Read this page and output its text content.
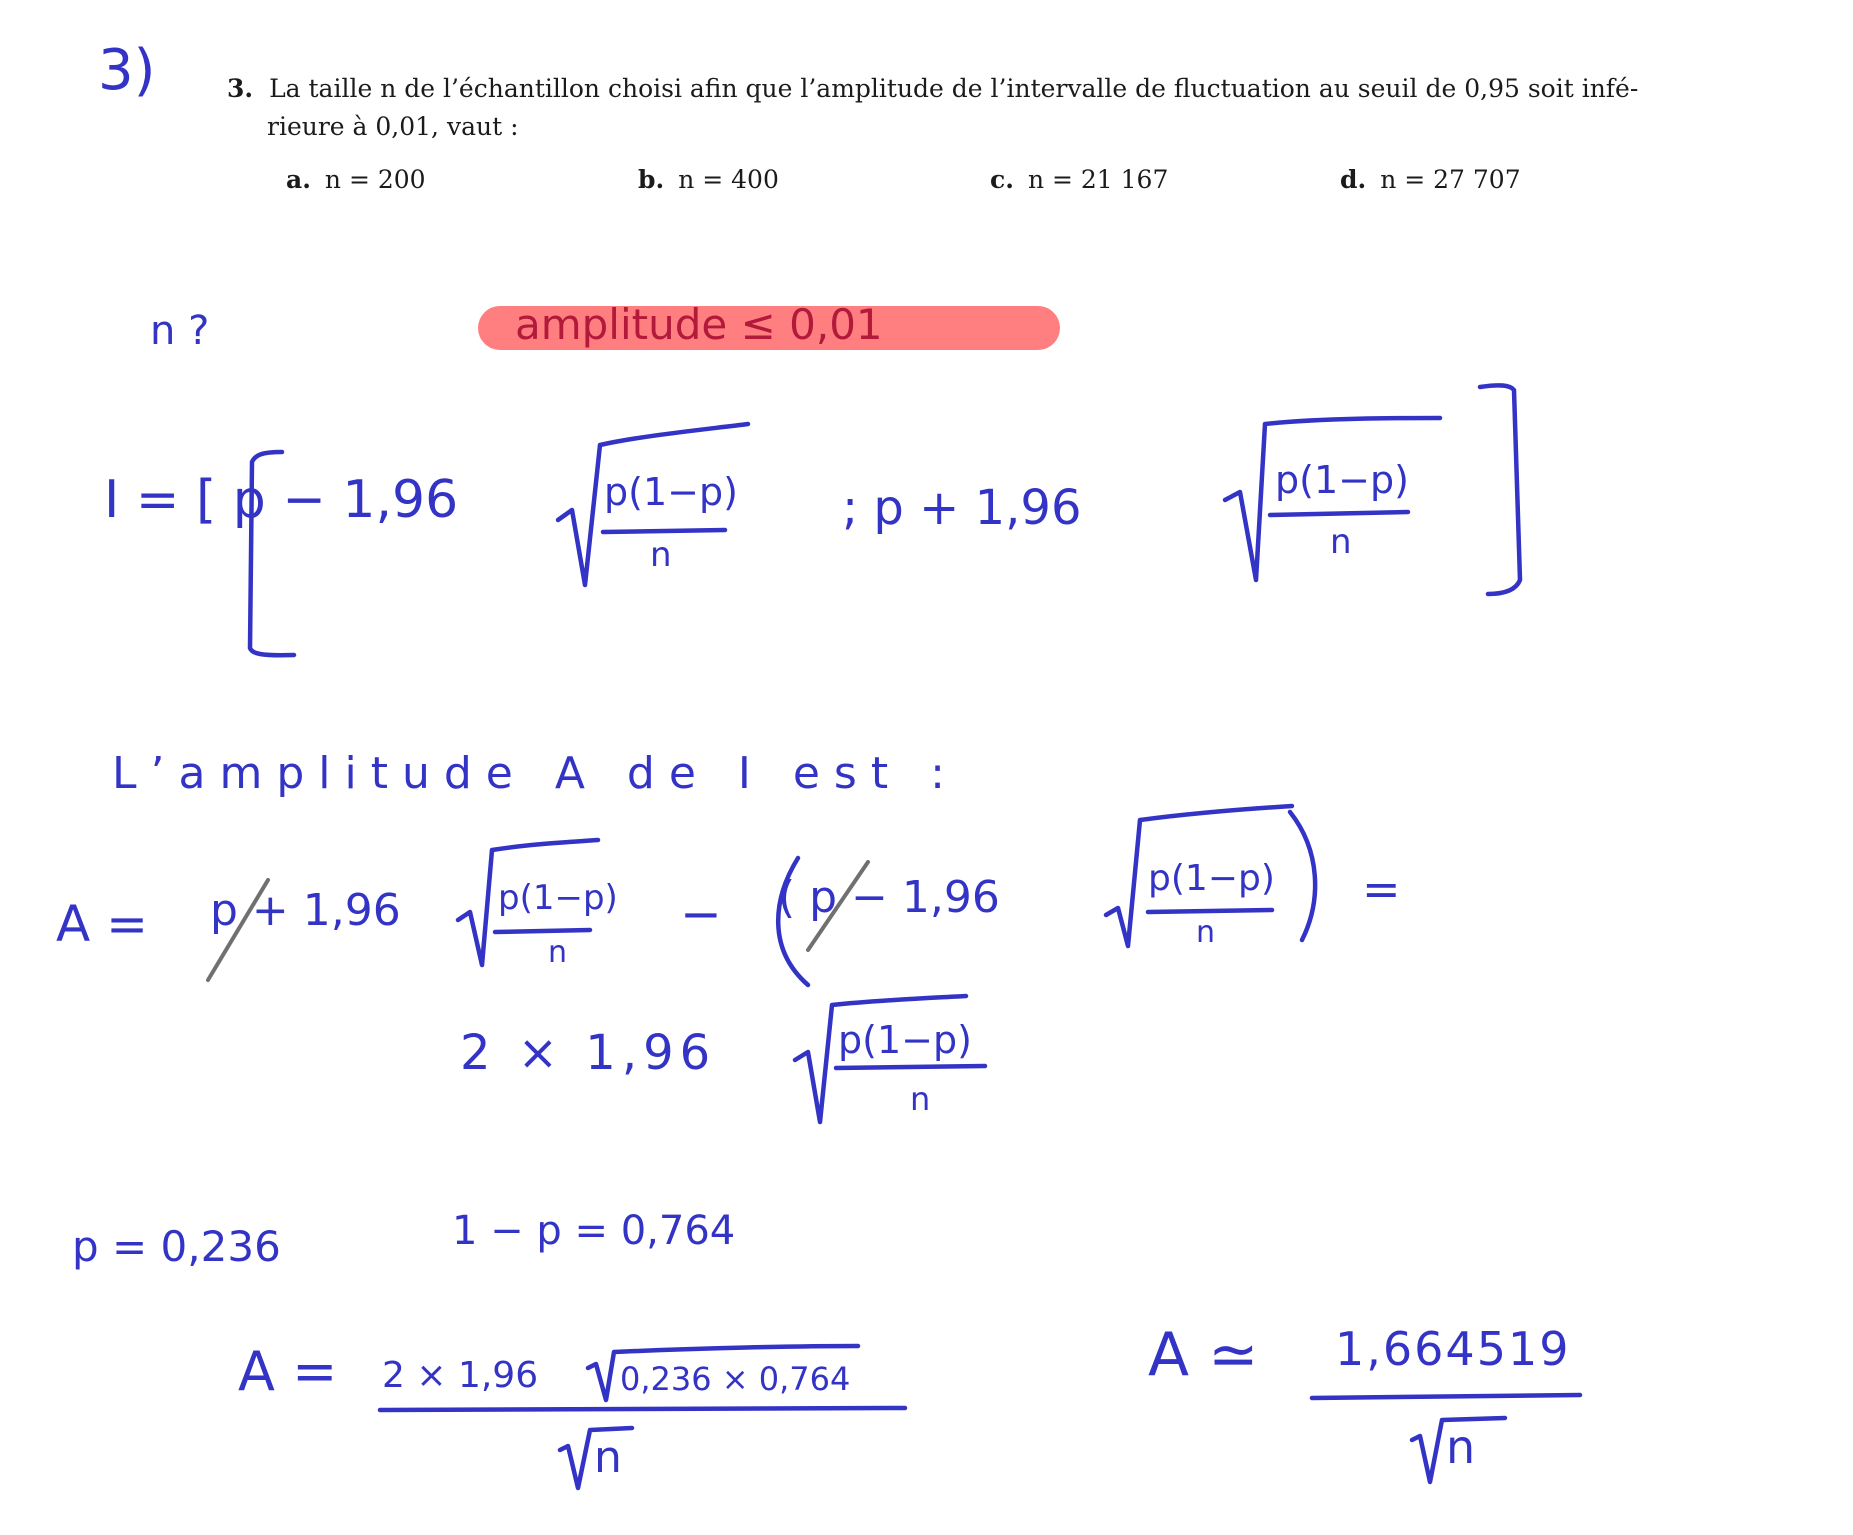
3)	3. La taille n de l’échantillon choisi afin que l’amplitude de l’intervalle de fluctuation au seuil de 0,95 soit infé-
rieure à 0,01, vaut :
a. n = 200	b. n = 400	c. n = 21 167	d. n = 27 707
n ?	amplitude ≤ 0,01
I = [ p − 1,96	p(1−p)
n
; p + 1,96	p(1−p)
n
L’amplitude A de I est :
A = p + 1,96	p(1−p)
n
− ( p − 1,96	p(1−p)
n
=
2 × 1,96	p(1−p)
n
p = 0,236	1 − p = 0,764
A = 2 × 1,96	0,236 × 0,764
n
A ≃ 1,664519
n
